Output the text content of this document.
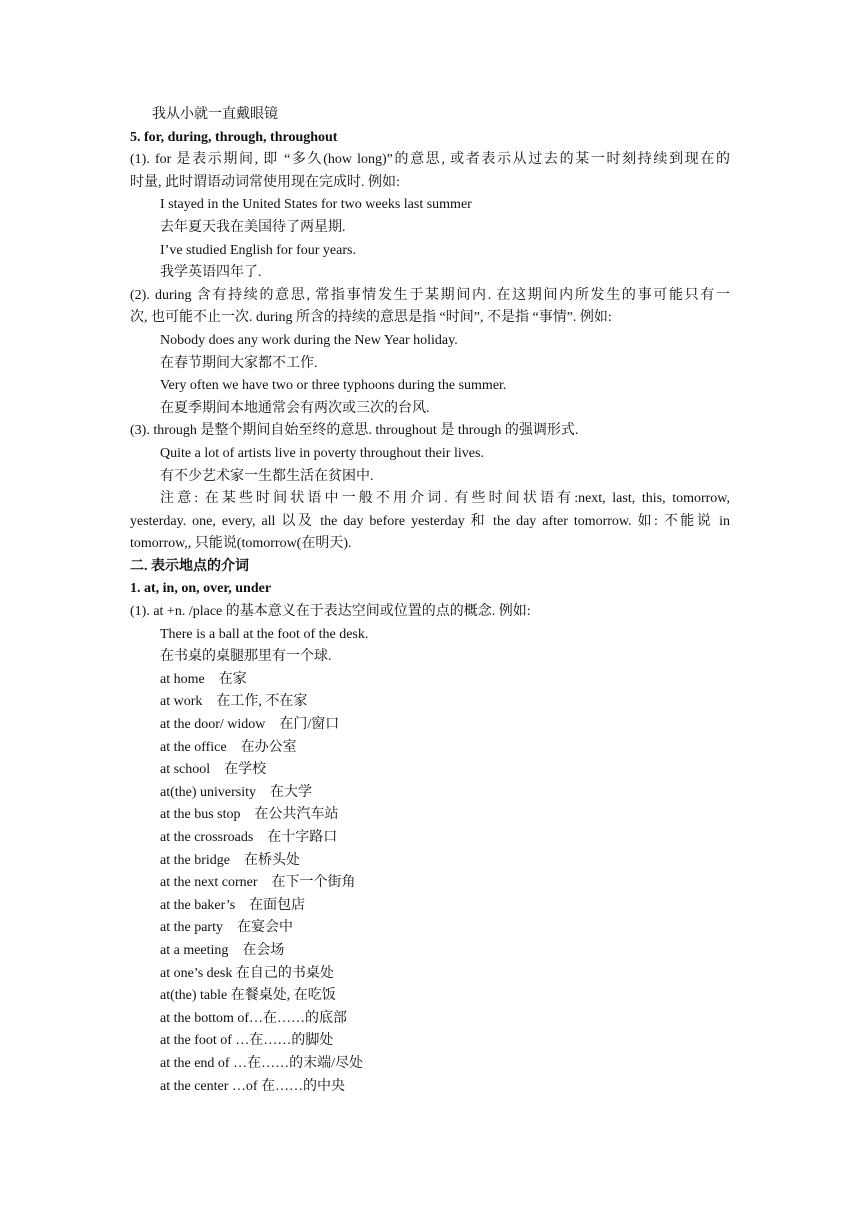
我从小就一直戴眼镜
5. for, during, through, throughout
(1). for 是表示期间, 即 “多久(how long)”的意思, 或者表示从过去的某一时刻持续到现在的
时量, 此时谓语动词常使用现在完成时. 例如:
I stayed in the United States for two weeks last summer
去年夏天我在美国待了两星期.
I’ve studied English for four years.
我学英语四年了.
(2). during 含有持续的意思, 常指事情发生于某期间内. 在这期间内所发生的事可能只有一
次, 也可能不止一次. during 所含的持续的意思是指 “时间”, 不是指 “事情”. 例如:
Nobody does any work during the New Year holiday.
在春节期间大家都不工作.
Very often we have two or three typhoons during the summer.
在夏季期间本地通常会有两次或三次的台风.
(3). through 是整个期间自始至终的意思. throughout 是 through 的强调形式.
Quite a lot of artists live in poverty throughout their lives.
有不少艺术家一生都生活在贫困中.
注意: 在某些时间状语中一般不用介词. 有些时间状语有:next, last, this, tomorrow,
yesterday. one, every, all 以及 the day before yesterday 和 the day after tomorrow. 如: 不能说 in
tomorrow,, 只能说(tomorrow(在明天).
二. 表示地点的介词
1. at, in, on, over, under
(1). at +n. /place 的基本意义在于表达空间或位置的点的概念. 例如:
There is a ball at the foot of the desk.
在书桌的桌腿那里有一个球.
at home　在家
at work　在工作, 不在家
at the door/ widow　在门/窗口
at the office　在办公室
at school　在学校
at(the) university　在大学
at the bus stop　在公共汽车站
at the crossroads　在十字路口
at the bridge　在桥头处
at the next corner　在下一个街角
at the baker’s　在面包店
at the party　在宴会中
at a meeting　在会场
at one’s desk 在自己的书桌处
at(the) table 在餐桌处, 在吃饭
at the bottom of…在……的底部
at the foot of …在……的脚处
at the end of …在……的末端/尽处
at the center …of 在……的中央
